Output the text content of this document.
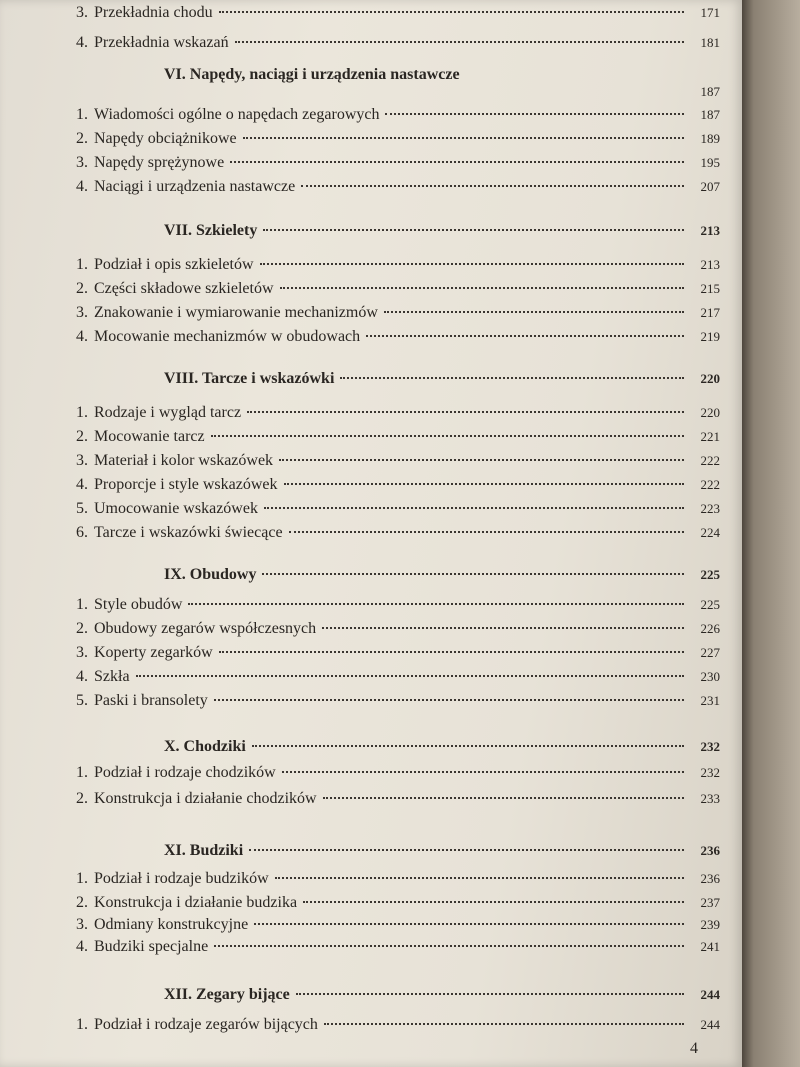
3. Przekładnia chodu	171
4. Przekładnia wskazań	181
VI. Napędy, naciągi i urządzenia nastawcze
187
1. Wiadomości ogólne o napędach zegarowych	187
2. Napędy obciążnikowe	189
3. Napędy sprężynowe	195
4. Naciągi i urządzenia nastawcze	207
VII. Szkielety	213
1. Podział i opis szkieletów	213
2. Części składowe szkieletów	215
3. Znakowanie i wymiarowanie mechanizmów	217
4. Mocowanie mechanizmów w obudowach	219
VIII. Tarcze i wskazówki	220
1. Rodzaje i wygląd tarcz	220
2. Mocowanie tarcz	221
3. Materiał i kolor wskazówek	222
4. Proporcje i style wskazówek	222
5. Umocowanie wskazówek	223
6. Tarcze i wskazówki świecące	224
IX. Obudowy	225
1. Style obudów	225
2. Obudowy zegarów współczesnych	226
3. Koperty zegarków	227
4. Szkła	230
5. Paski i bransolety	231
X. Chodziki	232
1. Podział i rodzaje chodzików	232
2. Konstrukcja i działanie chodzików	233
XI. Budziki	236
1. Podział i rodzaje budzików	236
2. Konstrukcja i działanie budzika	237
3. Odmiany konstrukcyjne	239
4. Budziki specjalne	241
XII. Zegary bijące	244
1. Podział i rodzaje zegarów bijących	244
4
